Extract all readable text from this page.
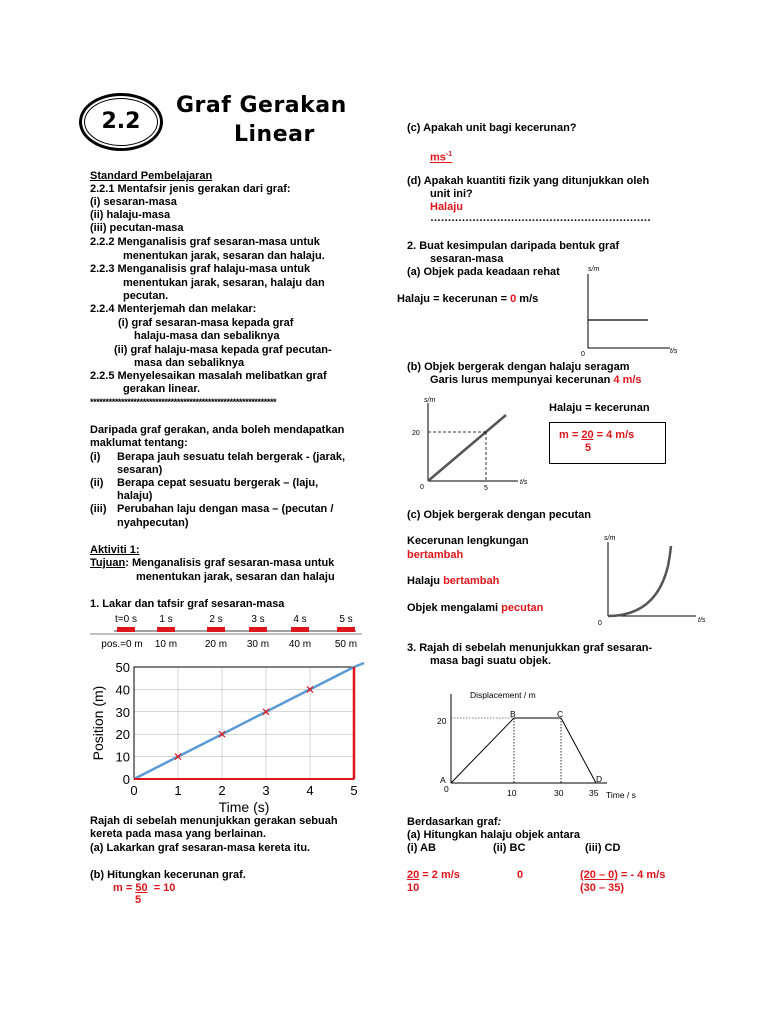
2.2
Graf Gerakan
Linear
Standard Pembelajaran
2.2.1 Mentafsir jenis gerakan dari graf:
(i) sesaran-masa
(ii) halaju-masa
(iii) pecutan-masa
2.2.2 Menganalisis graf sesaran-masa untuk
menentukan jarak, sesaran dan halaju.
2.2.3 Menganalisis graf halaju-masa untuk
menentukan jarak, sesaran, halaju dan
pecutan.
2.2.4 Menterjemah dan melakar:
(i) graf sesaran-masa kepada graf
halaju-masa dan sebaliknya
(ii) graf halaju-masa kepada graf pecutan-
masa dan sebaliknya
2.2.5 Menyelesaikan masalah melibatkan graf
gerakan linear.
************************************************************
Daripada graf gerakan, anda boleh mendapatkan
maklumat tentang:
(i) Berapa jauh sesuatu telah bergerak - (jarak,
sesaran)
(ii) Berapa cepat sesuatu bergerak – (laju,
halaju)
(iii) Perubahan laju dengan masa – (pecutan /
nyahpecutan)
Aktiviti 1:
Tujuan: Menganalisis graf sesaran-masa untuk
menentukan jarak, sesaran dan halaju
1. Lakar dan tafsir graf sesaran-masa
t=0 s 1 s	2 s	3 s	4 s	5 s
pos.=0 m 10 m	20 m 30 m 40 m 50 m
0	1	2	3	4	5
0
10
20
30
40
50
Time (s)
Position (m)
Rajah di sebelah menunjukkan gerakan sebuah
kereta pada masa yang berlainan.
(a) Lakarkan graf sesaran-masa kereta itu.
(b) Hitungkan kecerunan graf.
m = 50 = 10
5
(c) Apakah unit bagi kecerunan?
$ms^{-1}$
(d) Apakah kuantiti fizik yang ditunjukkan oleh
unit ini?
Halaju
………………………………………………………
2. Buat kesimpulan daripada bentuk graf
sesaran-masa
(a) Objek pada keadaan rehat
Halaju = kecerunan = 0 m/s
s/m
0	t/s
(b) Objek bergerak dengan halaju seragam
Garis lurus mempunyai kecerunan 4 m/s
s/m
20
5
0
t/s
Halaju = kecerunan
m = 20 = 4 m/s
5
(c) Objek bergerak dengan pecutan
Kecerunan lengkungan
bertambah
Halaju bertambah
Objek mengalami pecutan
s/m
0	t/s
3. Rajah di sebelah menunjukkan graf sesaran-
masa bagi suatu objek.
Displacement / m
20
0	10	30	35 Time / s
A
B	C
D
Berdasarkan graf:
(a) Hitungkan halaju objek antara
(i) AB	(ii) BC	(iii) CD
20 = 2 m/s
10
0	(20 – 0) = - 4 m/s
(30 – 35)
